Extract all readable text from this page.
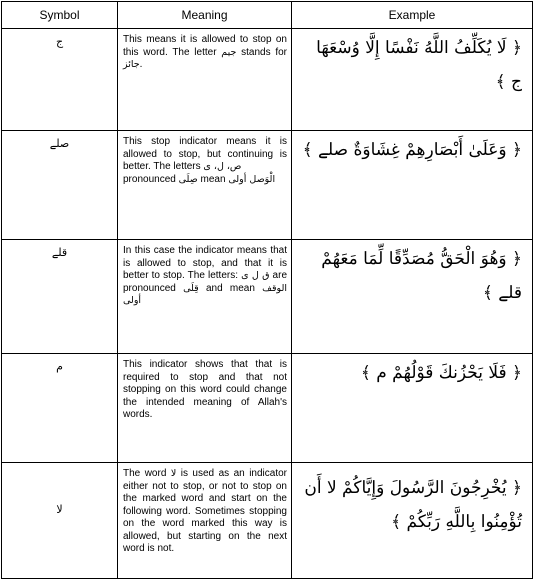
Symbol	Meaning	Example
ج	This means it is allowed to stop on this word. The letter جيم stands for جائز.	﴿ لَا يُكَلِّفُ اللَّهُ نَفْسًا إِلَّا وُسْعَهَا ج ﴾

صلے	This stop indicator means it is allowed to stop, but continuing is better. The letters ص، ل، ى
pronounced صِلَى mean الْوَصل أولى	﴿ وَعَلَىٰ أَبْصَارِهِمْ غِشَاوَةٌ صلے ﴾

قلے	In this case the indicator means that is allowed to stop, and that it is better to stop. The letters: ق ل ى are pronounced قِلَى and mean الوقف أولى	﴿ وَهُوَ الْحَقُّ مُصَدِّقًا لِّمَا مَعَهُمْ قلے ﴾

م	This indicator shows that that is required to stop and that not stopping on this word could change the intended meaning of Allah's words.	﴿ فَلَا يَحْزُنكَ قَوْلُهُمْ م ﴾

لا	The word لا is used as an indicator either not to stop, or not to stop on the marked word and start on the following word. Sometimes stopping on the word marked this way is allowed, but starting on the next word is not.	﴿ يُخْرِجُونَ الرَّسُولَ وَإِيَّاكُمْ لا أَن تُؤْمِنُوا بِاللَّهِ رَبِّكُمْ ﴾
